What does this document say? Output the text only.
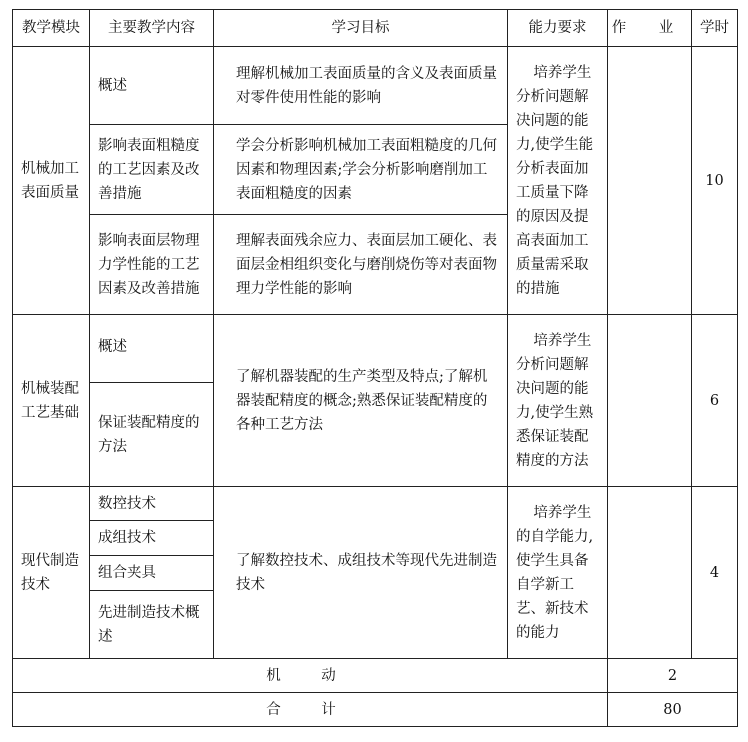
教学模块	主要教学内容	学习目标	能力要求	作 业	学时
机械加工表面质量	概述	理解机械加工表面质量的含义及表面质量对零件使用性能的影响	培养学生分析问题解决问题的能力,使学生能分析表面加工质量下降的原因及提高表面加工质量需采取的措施		10
	影响表面粗糙度的工艺因素及改善措施	学会分析影响机械加工表面粗糙度的几何因素和物理因素;学会分析影响磨削加工表面粗糙度的因素			
	影响表面层物理力学性能的工艺因素及改善措施	理解表面残余应力、表面层加工硬化、表面层金相组织变化与磨削烧伤等对表面物理力学性能的影响			
机械装配工艺基础	概述	了解机器装配的生产类型及特点;了解机器装配精度的概念;熟悉保证装配精度的各种工艺方法	培养学生分析问题解决问题的能力,使学生熟悉保证装配精度的方法		6
	保证装配精度的方法				
现代制造技术	数控技术	了解数控技术、成组技术等现代先进制造技术	培养学生的自学能力,使学生具备自学新工艺、新技术的能力		4
	成组技术				
	组合夹具				
	先进制造技术概述				
机 动				2	
合 计				80	
